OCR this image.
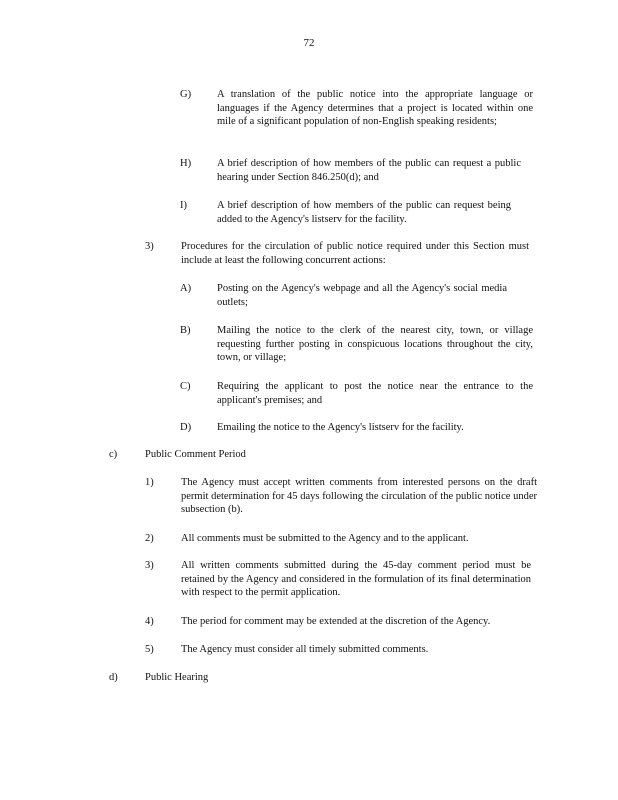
72
G) A translation of the public notice into the appropriate language or languages if the Agency determines that a project is located within one mile of a significant population of non-English speaking residents;
H) A brief description of how members of the public can request a public hearing under Section 846.250(d); and
I)	A brief description of how members of the public can request being added to the Agency's listserv for the facility.
3)	Procedures for the circulation of public notice required under this Section must include at least the following concurrent actions:
A) Posting on the Agency's webpage and all the Agency's social media outlets;
B)	Mailing the notice to the clerk of the nearest city, town, or village requesting further posting in conspicuous locations throughout the city, town, or village;
C)	Requiring the applicant to post the notice near the entrance to the applicant's premises; and
D) Emailing the notice to the Agency's listserv for the facility.
c)	Public Comment Period
1)	The Agency must accept written comments from interested persons on the draft permit determination for 45 days following the circulation of the public notice under subsection (b).
2)	All comments must be submitted to the Agency and to the applicant.
3)	All written comments submitted during the 45-day comment period must be retained by the Agency and considered in the formulation of its final determination with respect to the permit application.
4)	The period for comment may be extended at the discretion of the Agency.
5)	The Agency must consider all timely submitted comments.
d)	Public Hearing
